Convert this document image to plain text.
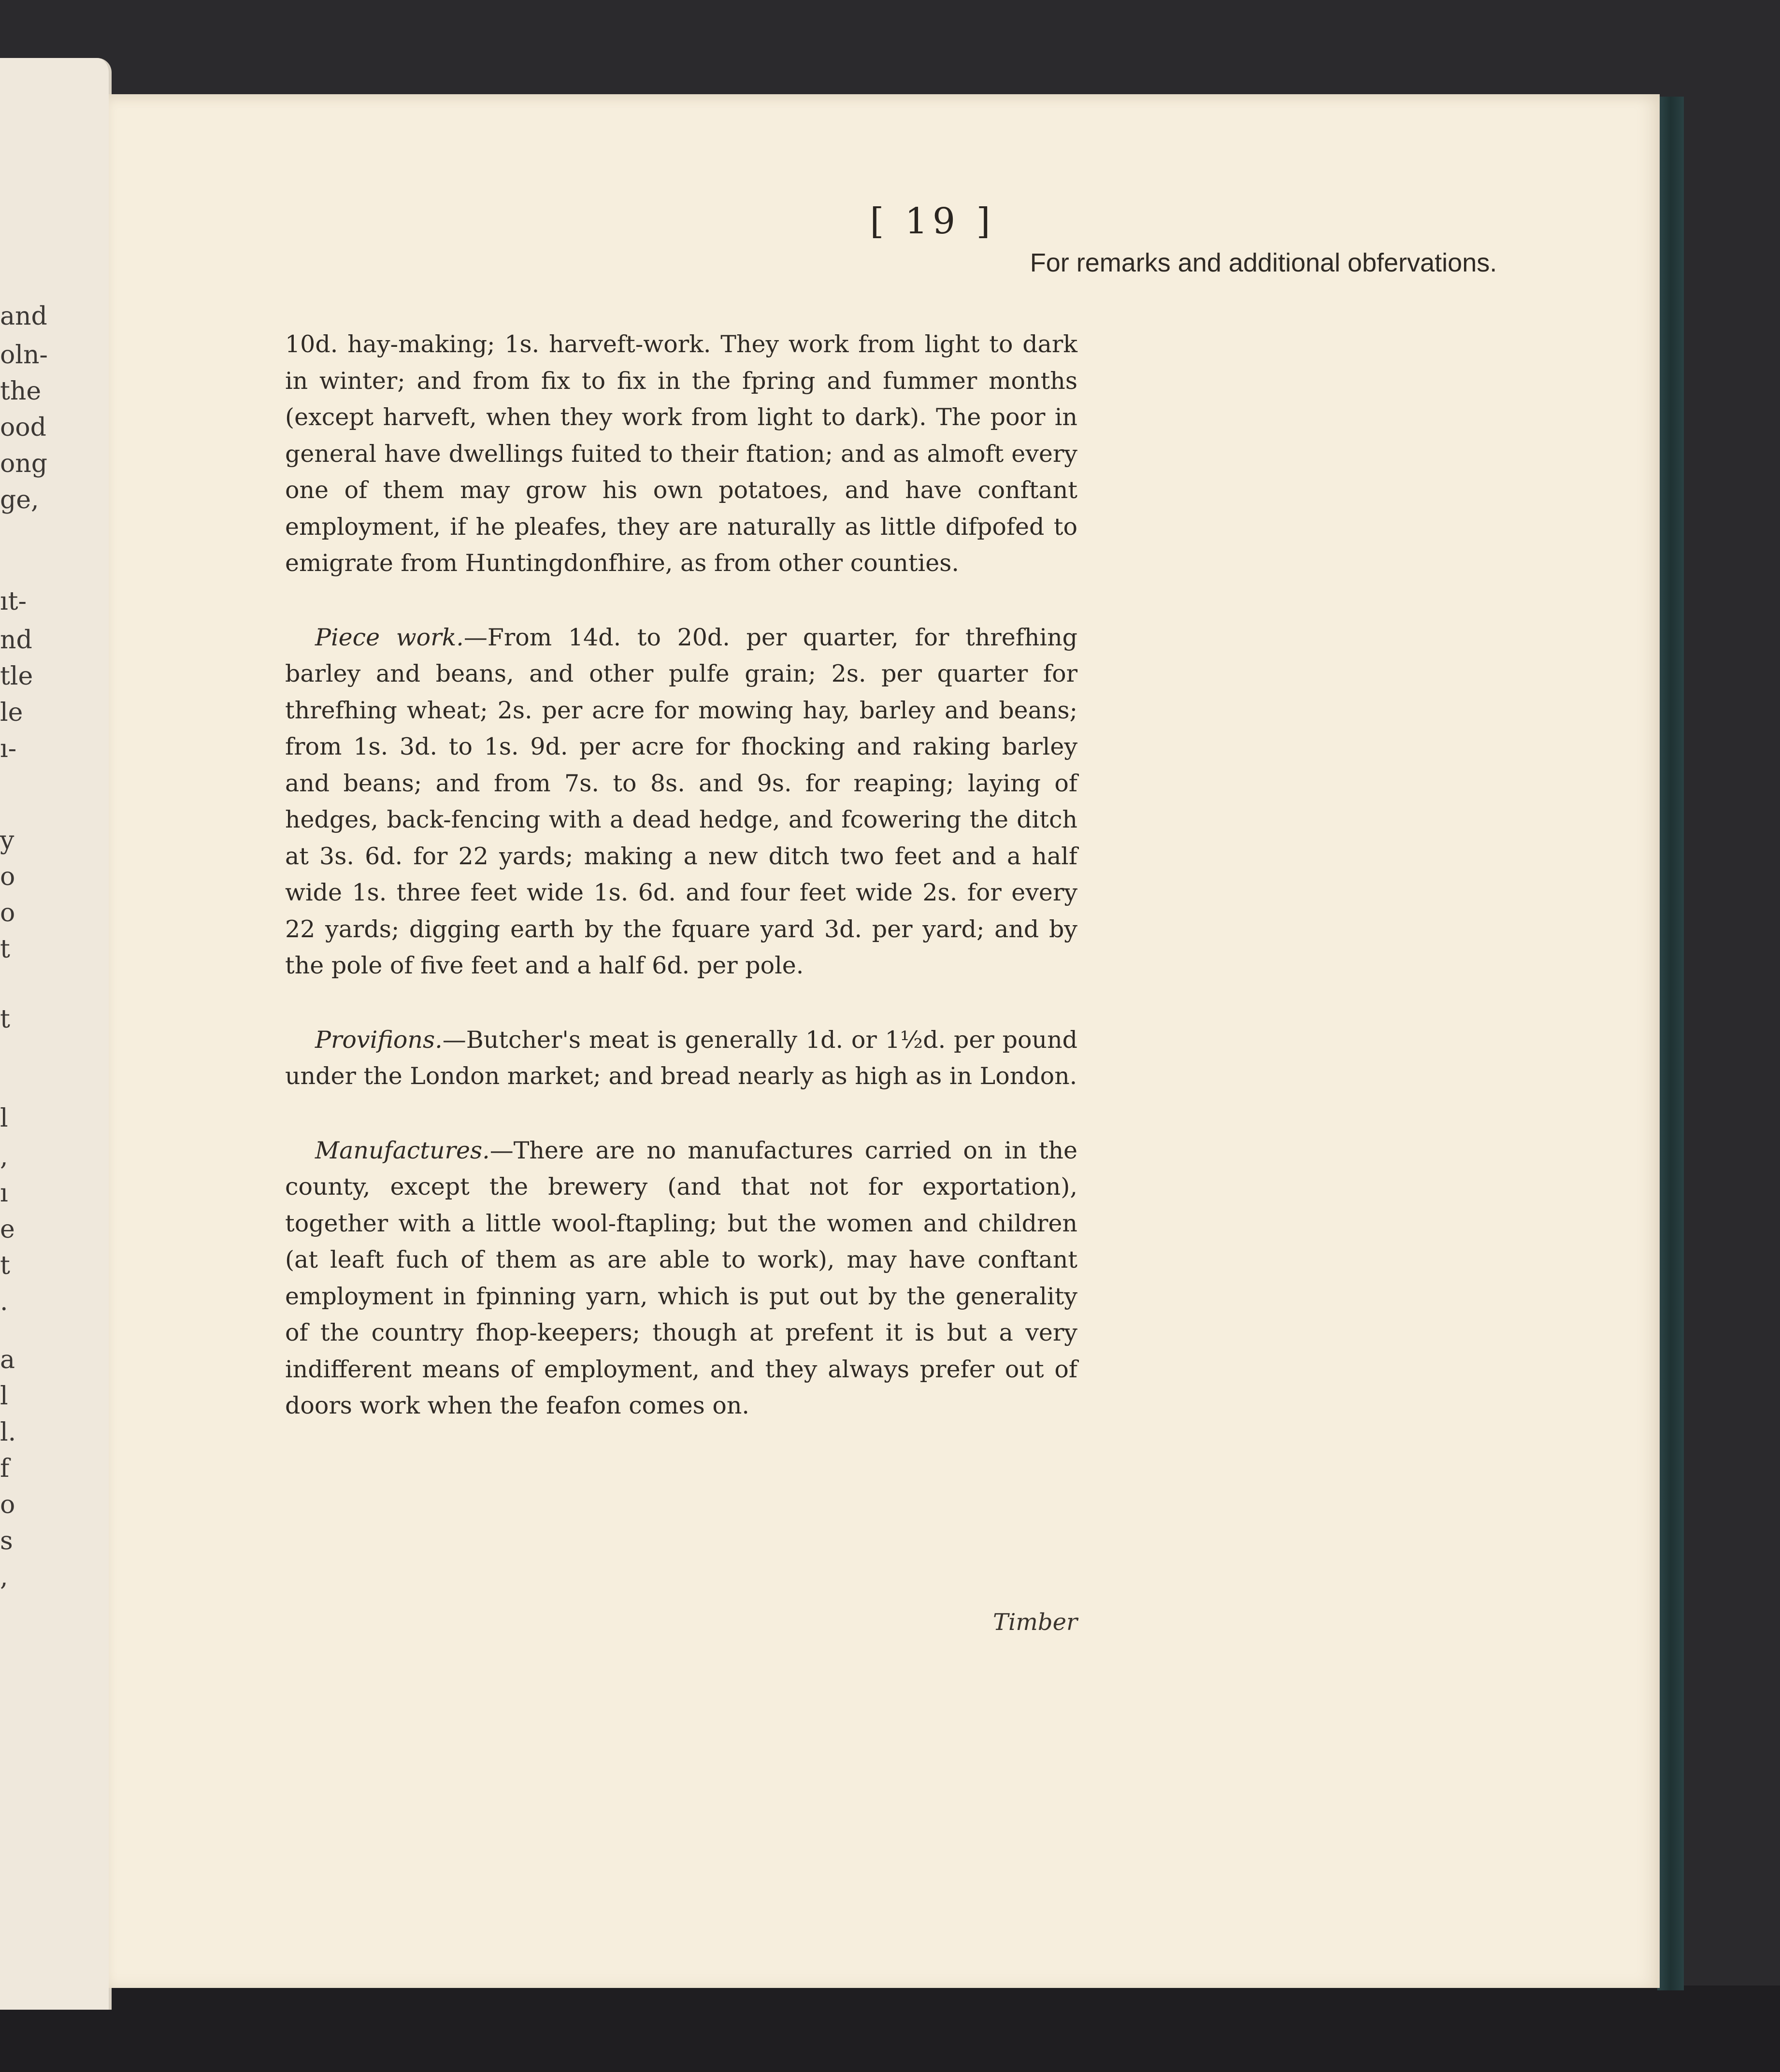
and
oln-
the
ood
ong
ge,
ıt-
nd
tle
le
ı-
y
o
o
t
t
l
,
ı
e
t
.
a
l
l.
f
o
s
,
[ 19 ]
For remarks and additional obfervations.

10d. hay-making; 1s. harveft-work. They work from light to dark in winter; and from fix to fix in the fpring and fummer months (except harveft, when they work from light to dark). The poor in general have dwellings fuited to their ftation; and as almoft every one of them may grow his own potatoes, and have conftant employment, if he pleafes, they are naturally as little difpofed to emigrate from Huntingdonfhire, as from other counties.

Piece work.—From 14d. to 20d. per quarter, for threfhing barley and beans, and other pulfe grain; 2s. per quarter for threfhing wheat; 2s. per acre for mowing hay, barley and beans; from 1s. 3d. to 1s. 9d. per acre for fhocking and raking barley and beans; and from 7s. to 8s. and 9s. for reaping; laying of hedges, back-fencing with a dead hedge, and fcowering the ditch at 3s. 6d. for 22 yards; making a new ditch two feet and a half wide 1s. three feet wide 1s. 6d. and four feet wide 2s. for every 22 yards; digging earth by the fquare yard 3d. per yard; and by the pole of five feet and a half 6d. per pole.

Provifions.—Butcher's meat is generally 1d. or 1½d. per pound under the London market; and bread nearly as high as in London.

Manufactures.—There are no manufactures carried on in the county, except the brewery (and that not for exportation), together with a little wool-ftapling; but the women and children (at leaft fuch of them as are able to work), may have conftant employment in fpinning yarn, which is put out by the generality of the country fhop-keepers; though at prefent it is but a very indifferent means of employment, and they always prefer out of doors work when the feafon comes on.

Timber
